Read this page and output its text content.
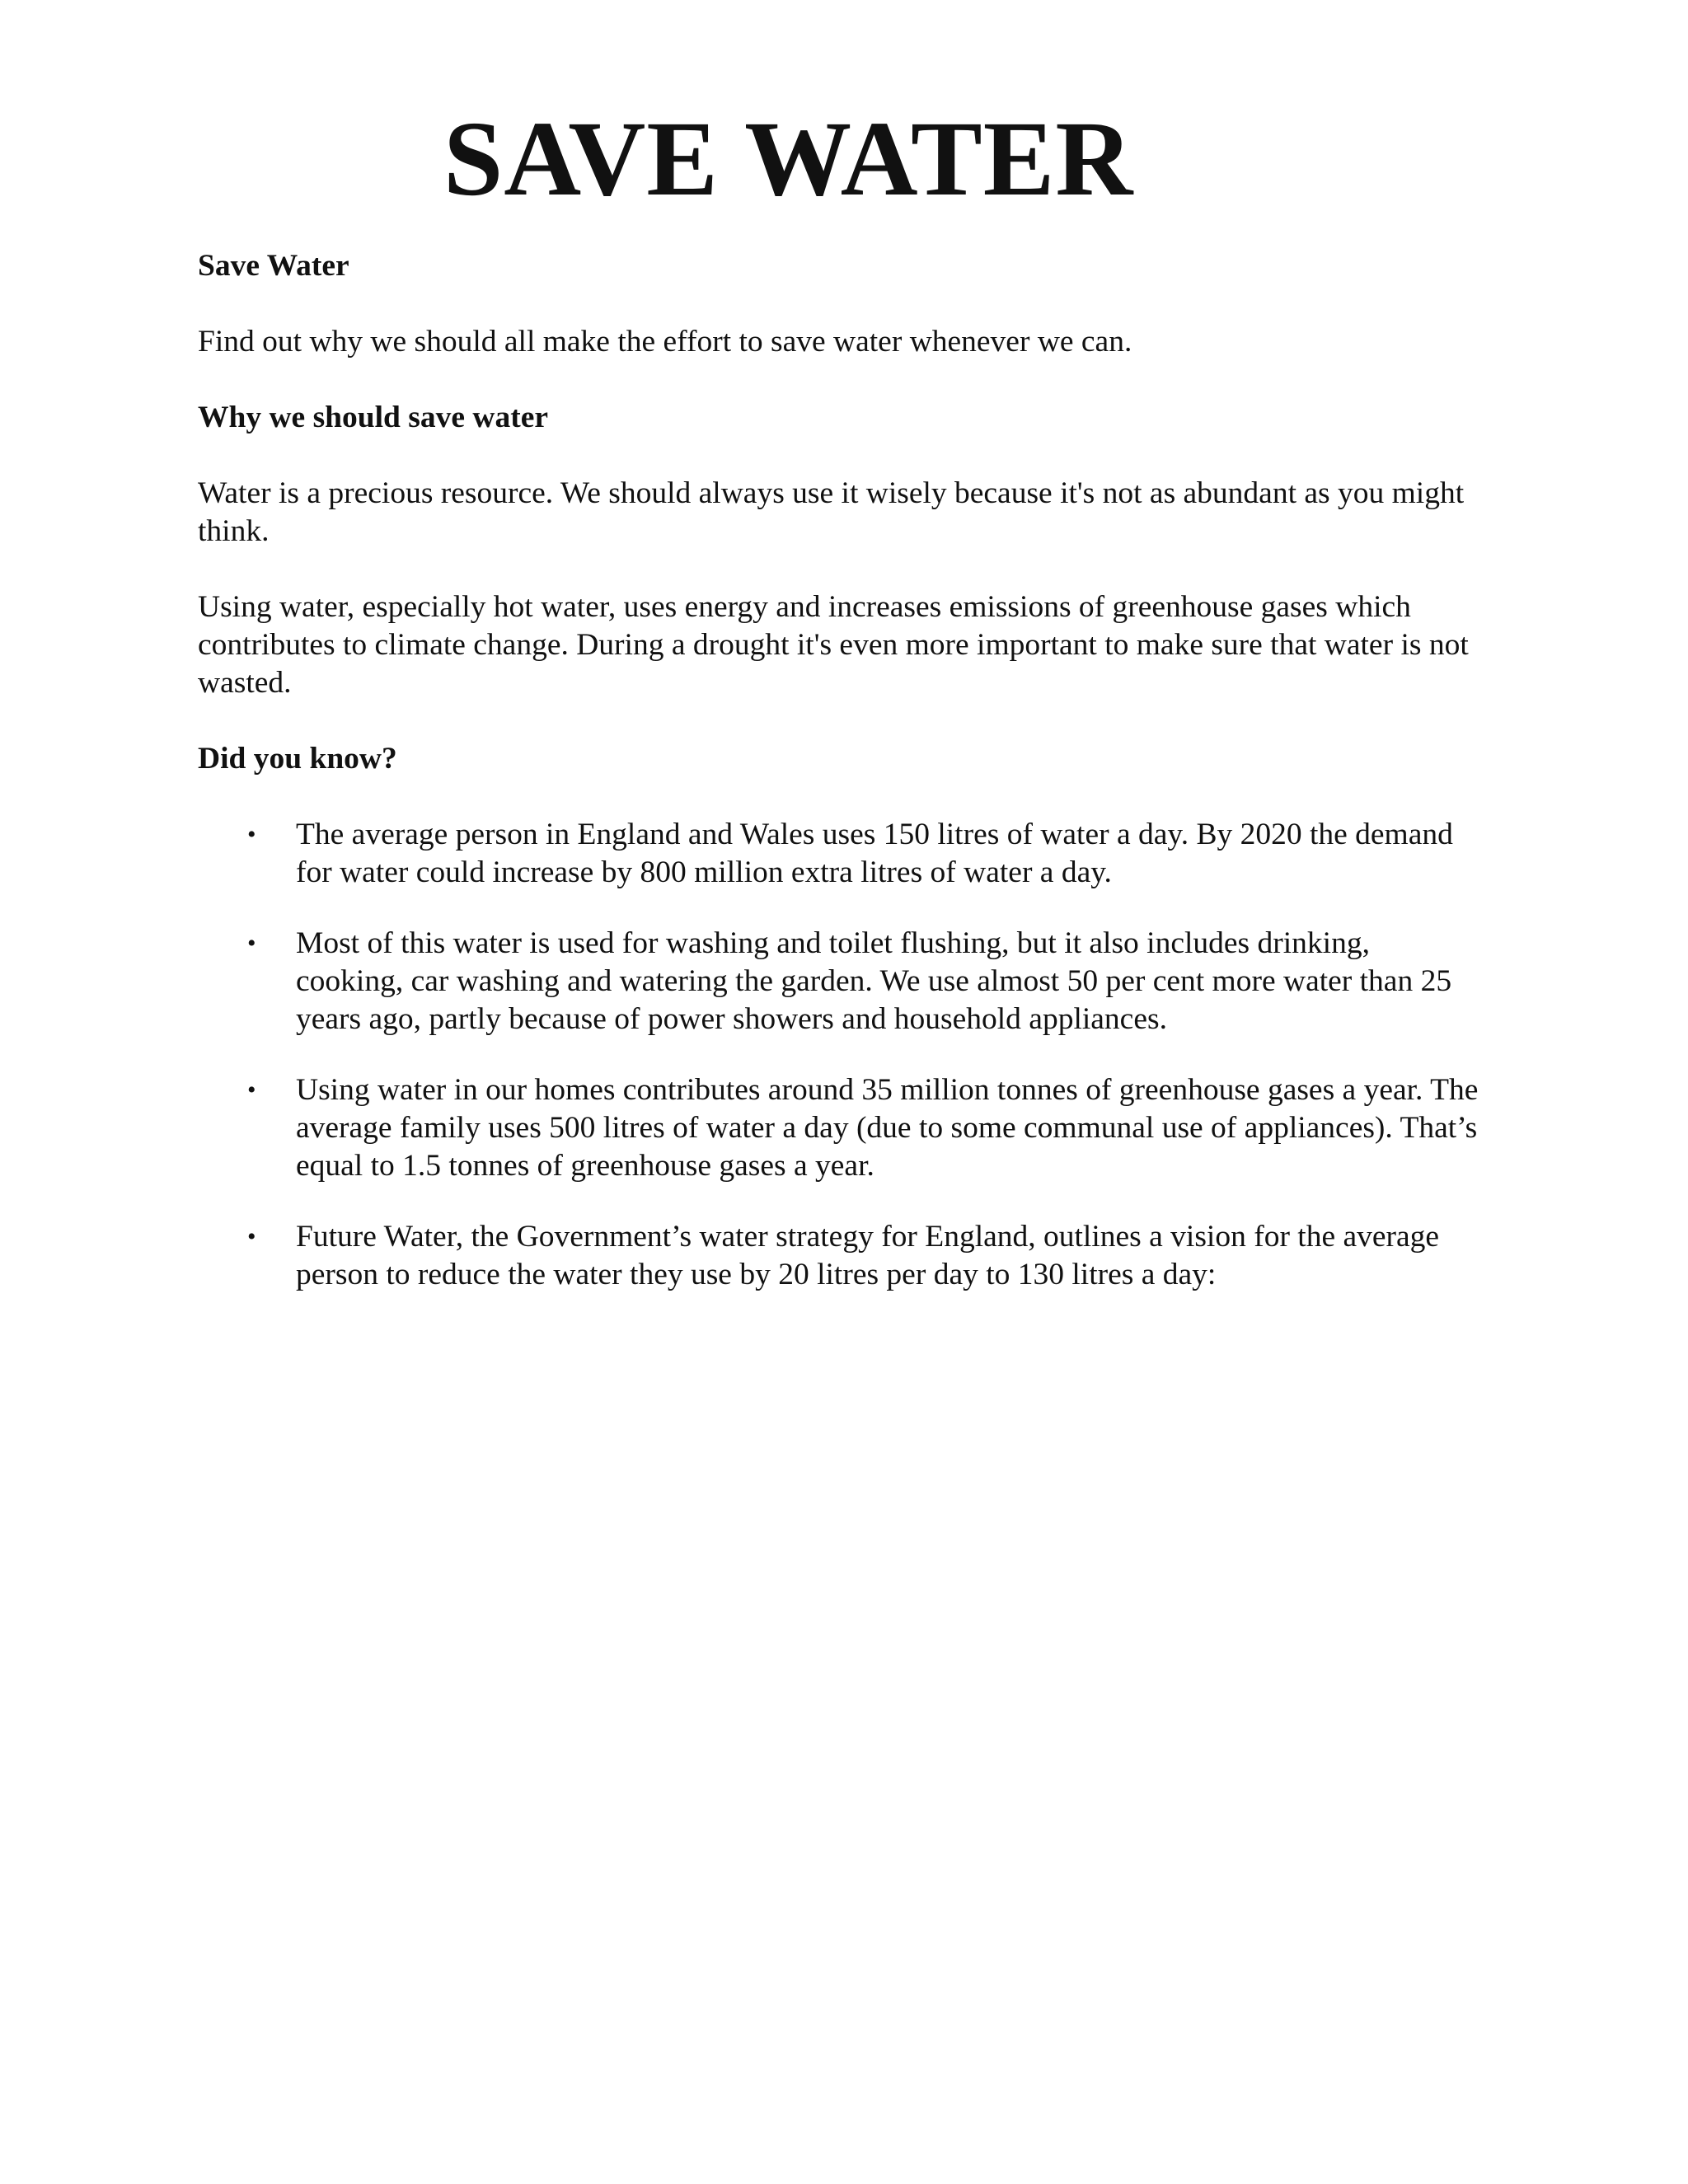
SAVE WATER

Save Water

Find out why we should all make the effort to save water whenever we can.

Why we should save water

Water is a precious resource. We should always use it wisely because it's not as abundant as you might think.

Using water, especially hot water, uses energy and increases emissions of greenhouse gases which contributes to climate change. During a drought it's even more important to make sure that water is not wasted.

Did you know?

• The average person in England and Wales uses 150 litres of water a day. By 2020 the demand for water could increase by 800 million extra litres of water a day.
• Most of this water is used for washing and toilet flushing, but it also includes drinking, cooking, car washing and watering the garden. We use almost 50 per cent more water than 25 years ago, partly because of power showers and household appliances.
• Using water in our homes contributes around 35 million tonnes of greenhouse gases a year. The average family uses 500 litres of water a day (due to some communal use of appliances). That’s equal to 1.5 tonnes of greenhouse gases a year.
• Future Water, the Government’s water strategy for England, outlines a vision for the average person to reduce the water they use by 20 litres per day to 130 litres a day:
